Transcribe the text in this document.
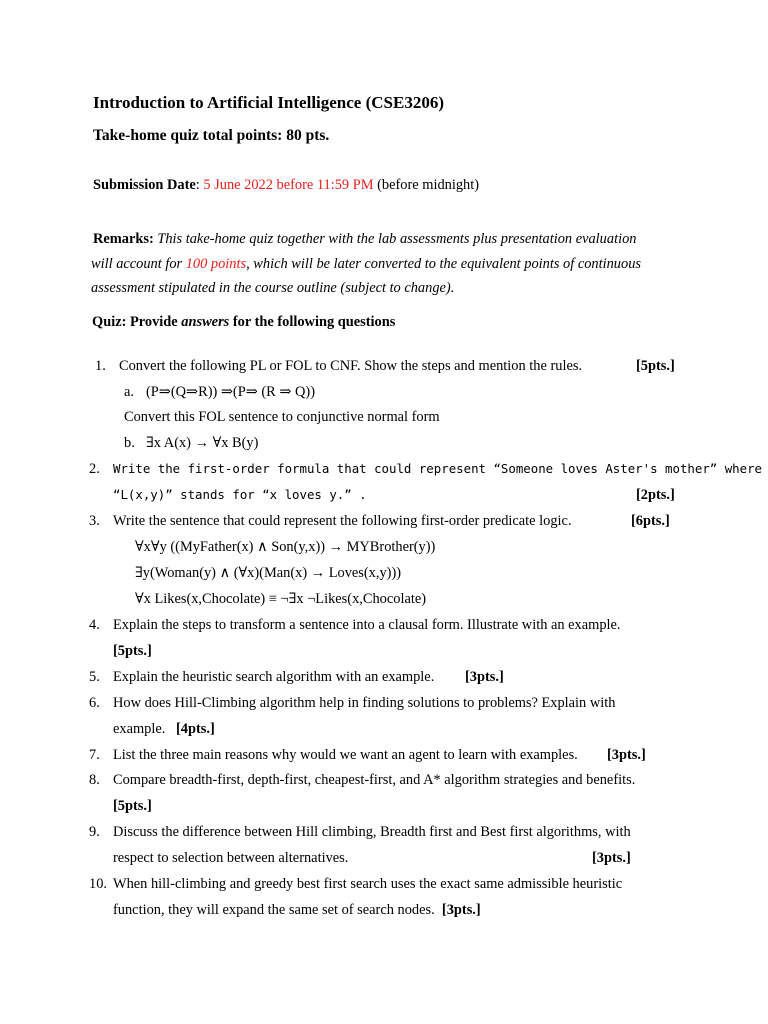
Introduction to Artificial Intelligence (CSE3206)
Take-home quiz total points: 80 pts.
Submission Date: 5 June 2022 before 11:59 PM (before midnight)
Remarks: This take-home quiz together with the lab assessments plus presentation evaluation
will account for 100 points, which will be later converted to the equivalent points of continuous
assessment stipulated in the course outline (subject to change).
Quiz: Provide answers for the following questions
1. Convert the following PL or FOL to CNF. Show the steps and mention the rules.	[5pts.]
a. (P⇒(Q⇒R)) ⇒(P⇒ (R ⇒ Q))
Convert this FOL sentence to conjunctive normal form
b. ∃x A(x) → ∀x B(y)
2. Write the first-order formula that could represent “Someone loves Aster's mother” where
“L(x,y)” stands for “x loves y.” .	[2pts.]
3. Write the sentence that could represent the following first-order predicate logic.	[6pts.]
∀x∀y ((MyFather(x) ∧ Son(y,x)) → MYBrother(y))
∃y(Woman(y) ∧ (∀x)(Man(x) → Loves(x,y)))
∀x Likes(x,Chocolate) ≡ ¬∃x ¬Likes(x,Chocolate)
4. Explain the steps to transform a sentence into a clausal form. Illustrate with an example.
[5pts.]
5. Explain the heuristic search algorithm with an example. [3pts.]
6. How does Hill-Climbing algorithm help in finding solutions to problems? Explain with
example. [4pts.]
7. List the three main reasons why would we want an agent to learn with examples. [3pts.]
8. Compare breadth-first, depth-first, cheapest-first, and A* algorithm strategies and benefits.
[5pts.]
9. Discuss the difference between Hill climbing, Breadth first and Best first algorithms, with
respect to selection between alternatives.	[3pts.]
10. When hill-climbing and greedy best first search uses the exact same admissible heuristic
function, they will expand the same set of search nodes. [3pts.]
